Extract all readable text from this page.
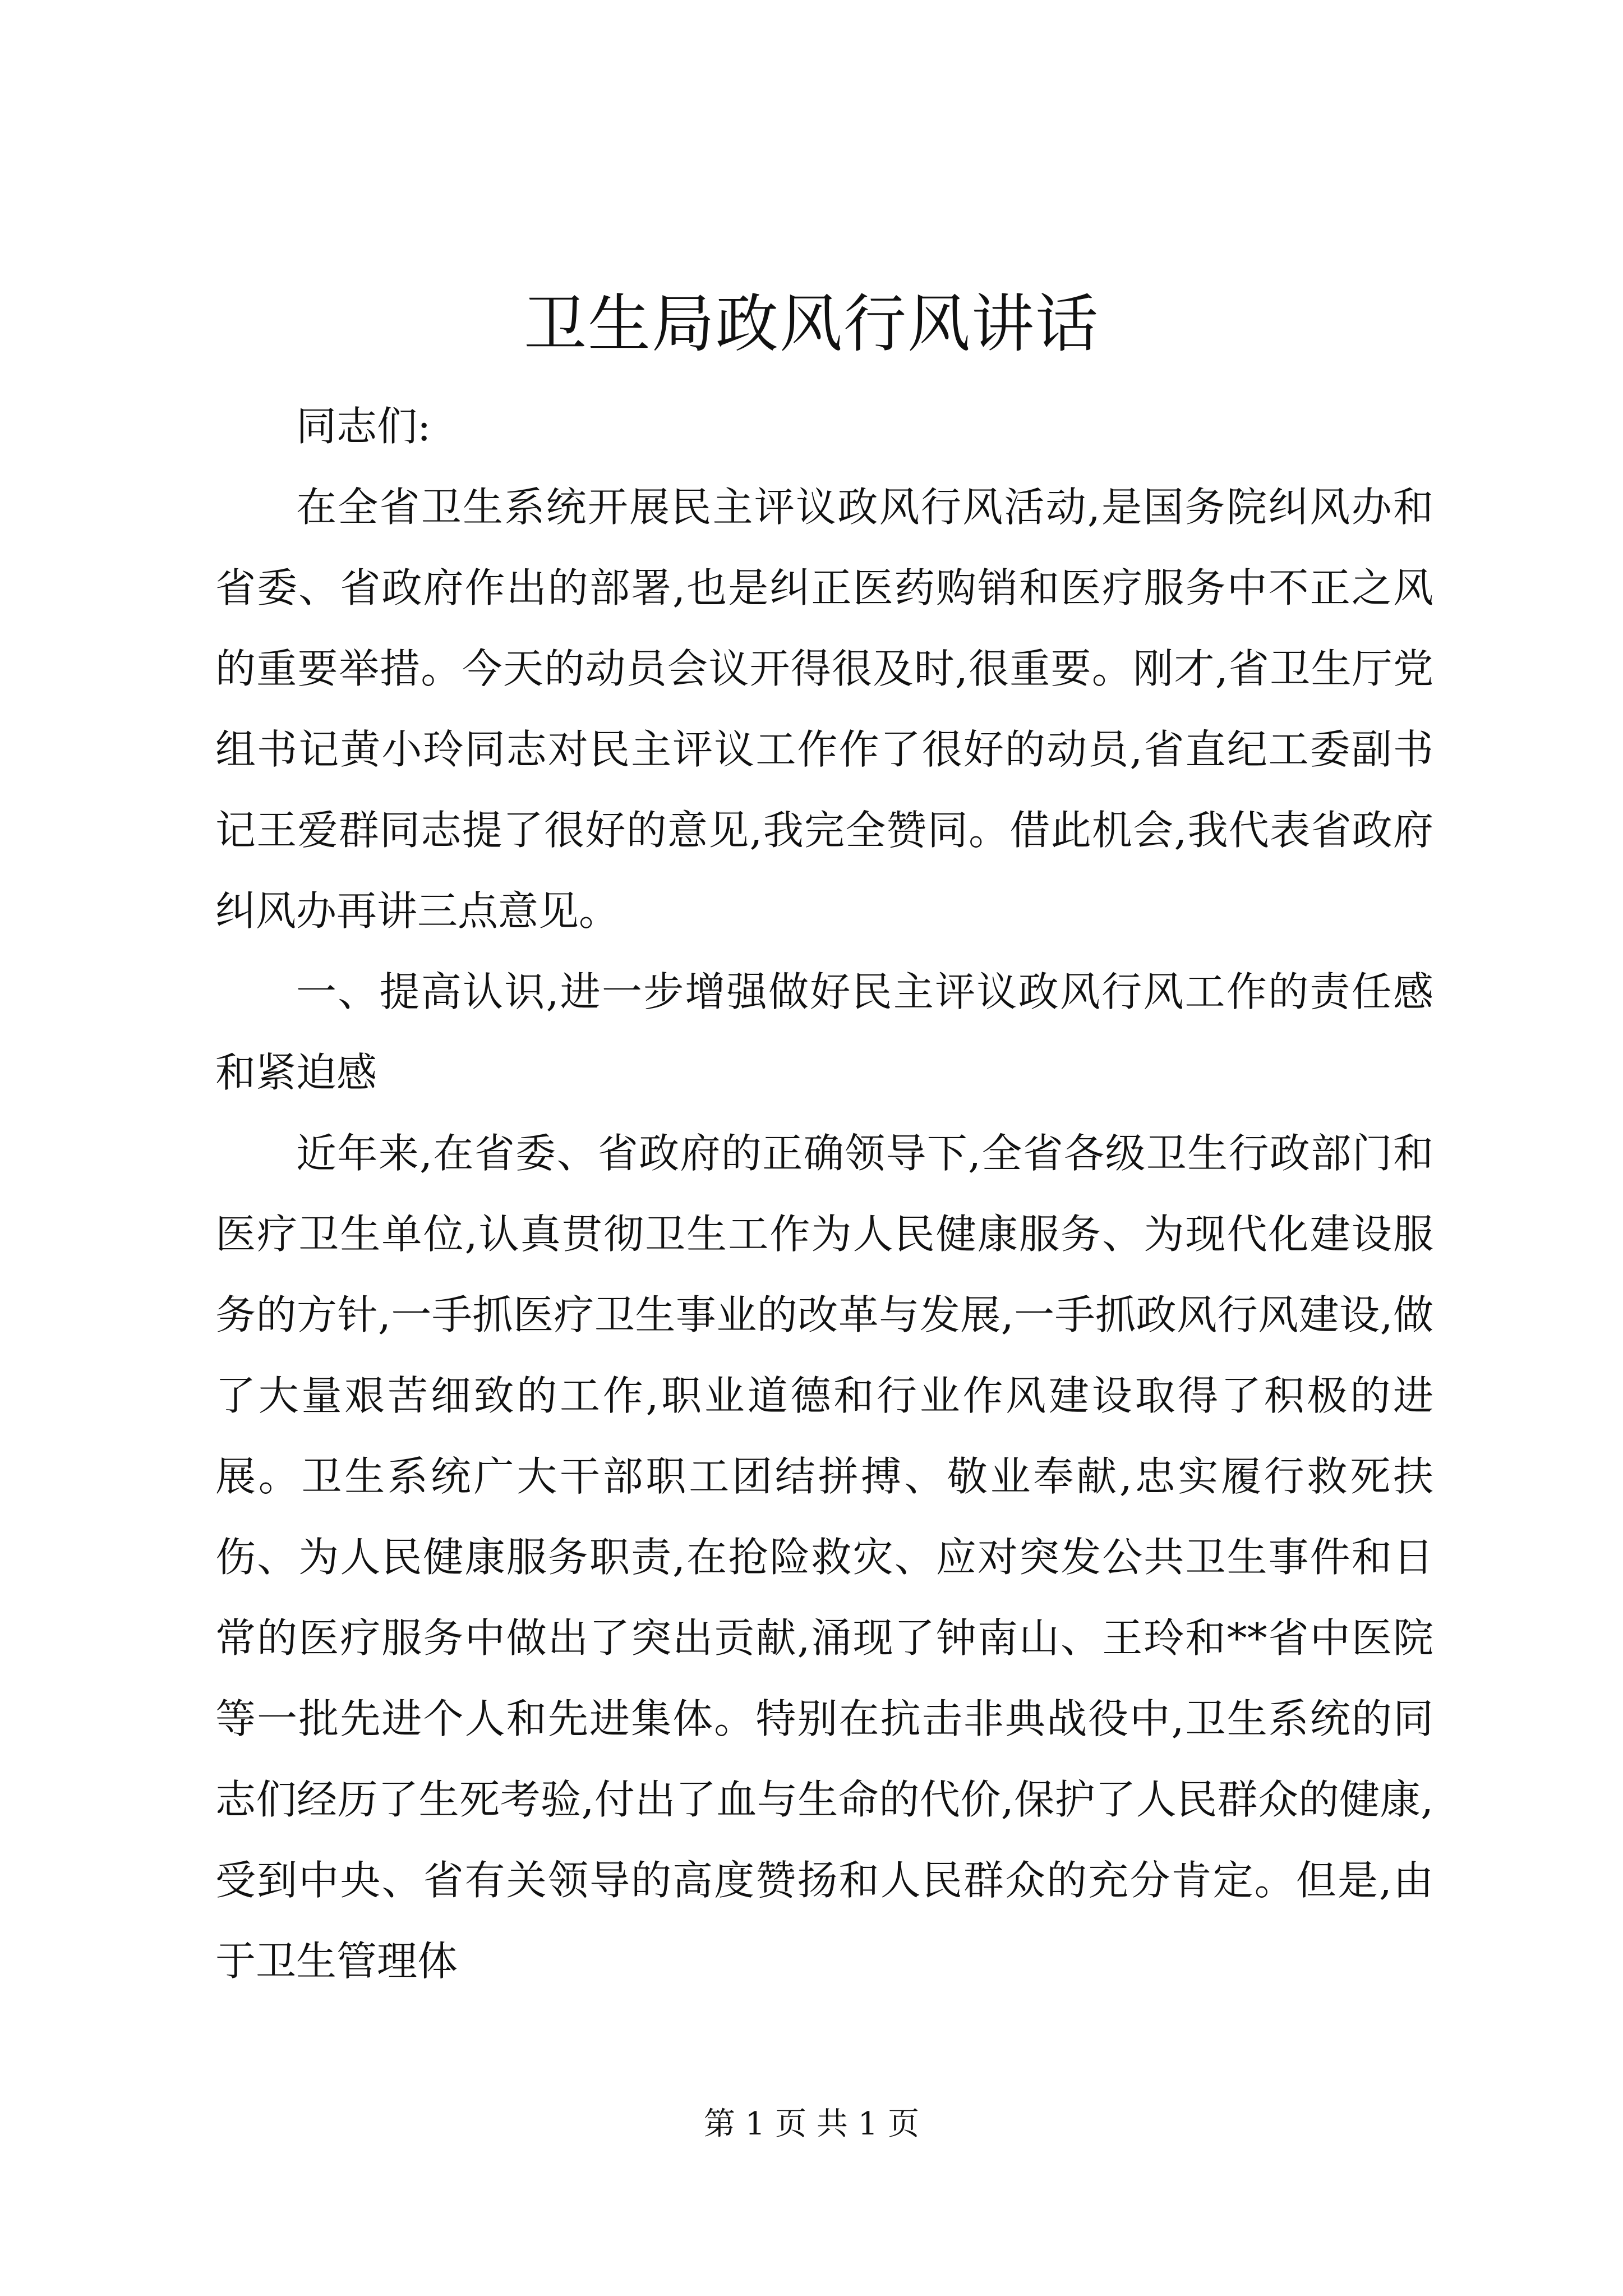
卫生局政风行风讲话

同志们:

在全省卫生系统开展民主评议政风行风活动,是国务院纠风办和省委、省政府作出的部署,也是纠正医药购销和医疗服务中不正之风的重要举措。今天的动员会议开得很及时,很重要。刚才,省卫生厅党组书记黄小玲同志对民主评议工作作了很好的动员,省直纪工委副书记王爱群同志提了很好的意见,我完全赞同。借此机会,我代表省政府纠风办再讲三点意见。

一、提高认识,进一步增强做好民主评议政风行风工作的责任感和紧迫感

近年来,在省委、省政府的正确领导下,全省各级卫生行政部门和医疗卫生单位,认真贯彻卫生工作为人民健康服务、为现代化建设服务的方针,一手抓医疗卫生事业的改革与发展,一手抓政风行风建设,做了大量艰苦细致的工作,职业道德和行业作风建设取得了积极的进展。卫生系统广大干部职工团结拼搏、敬业奉献,忠实履行救死扶伤、为人民健康服务职责,在抢险救灾、应对突发公共卫生事件和日常的医疗服务中做出了突出贡献,涌现了钟南山、王玲和**省中医院等一批先进个人和先进集体。特别在抗击非典战役中,卫生系统的同志们经历了生死考验,付出了血与生命的代价,保护了人民群众的健康,受到中央、省有关领导的高度赞扬和人民群众的充分肯定。但是,由于卫生管理体

第 1 页 共 1 页
